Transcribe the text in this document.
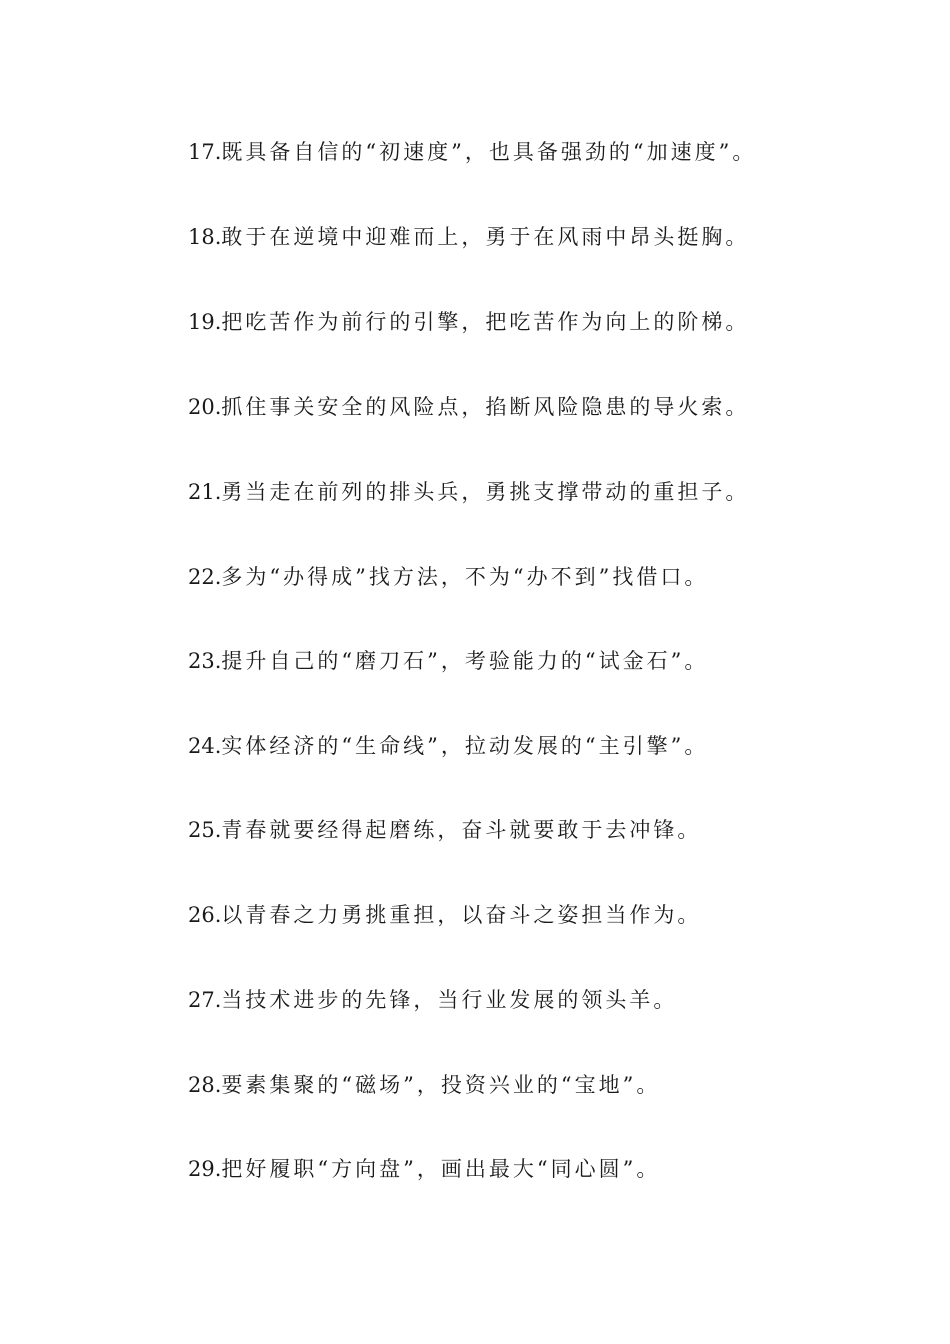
17.既具备自信的“初速度”，也具备强劲的“加速度”。
18.敢于在逆境中迎难而上，勇于在风雨中昂头挺胸。
19.把吃苦作为前行的引擎，把吃苦作为向上的阶梯。
20.抓住事关安全的风险点，掐断风险隐患的导火索。
21.勇当走在前列的排头兵，勇挑支撑带动的重担子。
22.多为“办得成”找方法，不为“办不到”找借口。
23.提升自己的“磨刀石”，考验能力的“试金石”。
24.实体经济的“生命线”，拉动发展的“主引擎”。
25.青春就要经得起磨练，奋斗就要敢于去冲锋。
26.以青春之力勇挑重担，以奋斗之姿担当作为。
27.当技术进步的先锋，当行业发展的领头羊。
28.要素集聚的“磁场”，投资兴业的“宝地”。
29.把好履职“方向盘”，画出最大“同心圆”。
